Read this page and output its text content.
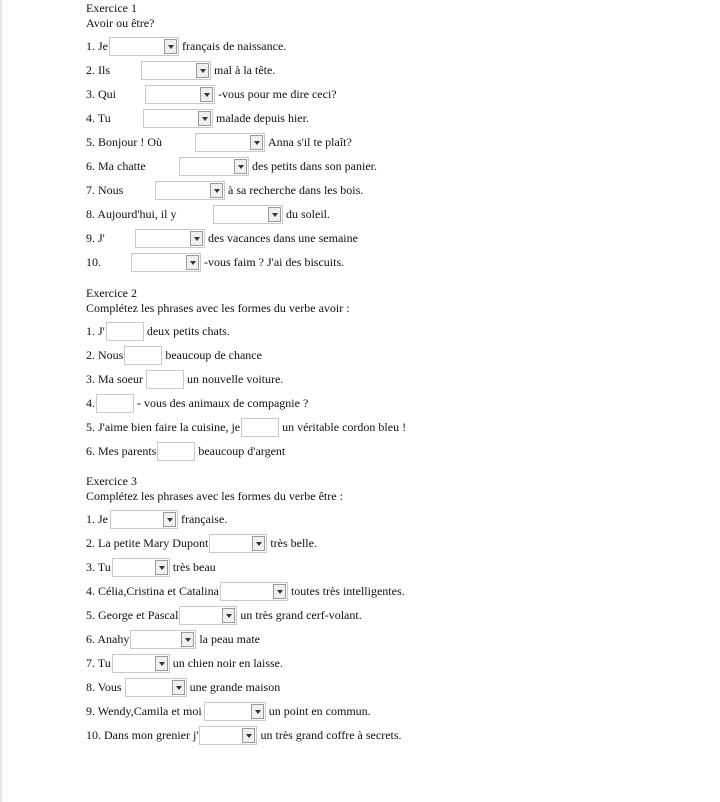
Exercice 1
Avoir ou être?
1. Je	français de naissance.
2. Ils	mal à la tête.
3. Qui	-vous pour me dire ceci?
4. Tu	malade depuis hier.
5. Bonjour ! Où	Anna s'il te plaît?
6. Ma chatte	des petits dans son panier.
7. Nous	à sa recherche dans les bois.
8. Aujourd'hui, il y	du soleil.
9. J'	des vacances dans une semaine
10.	-vous faim ? J'ai des biscuits.
Exercice 2
Complétez les phrases avec les formes du verbe avoir :
1. J'	deux petits chats.
2. Nous	beaucoup de chance
3. Ma soeur	un nouvelle voiture.
4.	- vous des animaux de compagnie ?
5. J'aime bien faire la cuisine, je	un véritable cordon bleu !
6. Mes parents	beaucoup d'argent
Exercice 3
Complétez les phrases avec les formes du verbe être :
1. Je	française.
2. La petite Mary Dupont	très belle.
3. Tu	très beau
4. Célia,Cristina et Catalina	toutes très intelligentes.
5. George et Pascal	un très grand cerf-volant.
6. Anahy	la peau mate
7. Tu	un chien noir en laisse.
8. Vous	une grande maison
9. Wendy,Camila et moi	un point en commun.
10. Dans mon grenier j'	un très grand coffre à secrets.
